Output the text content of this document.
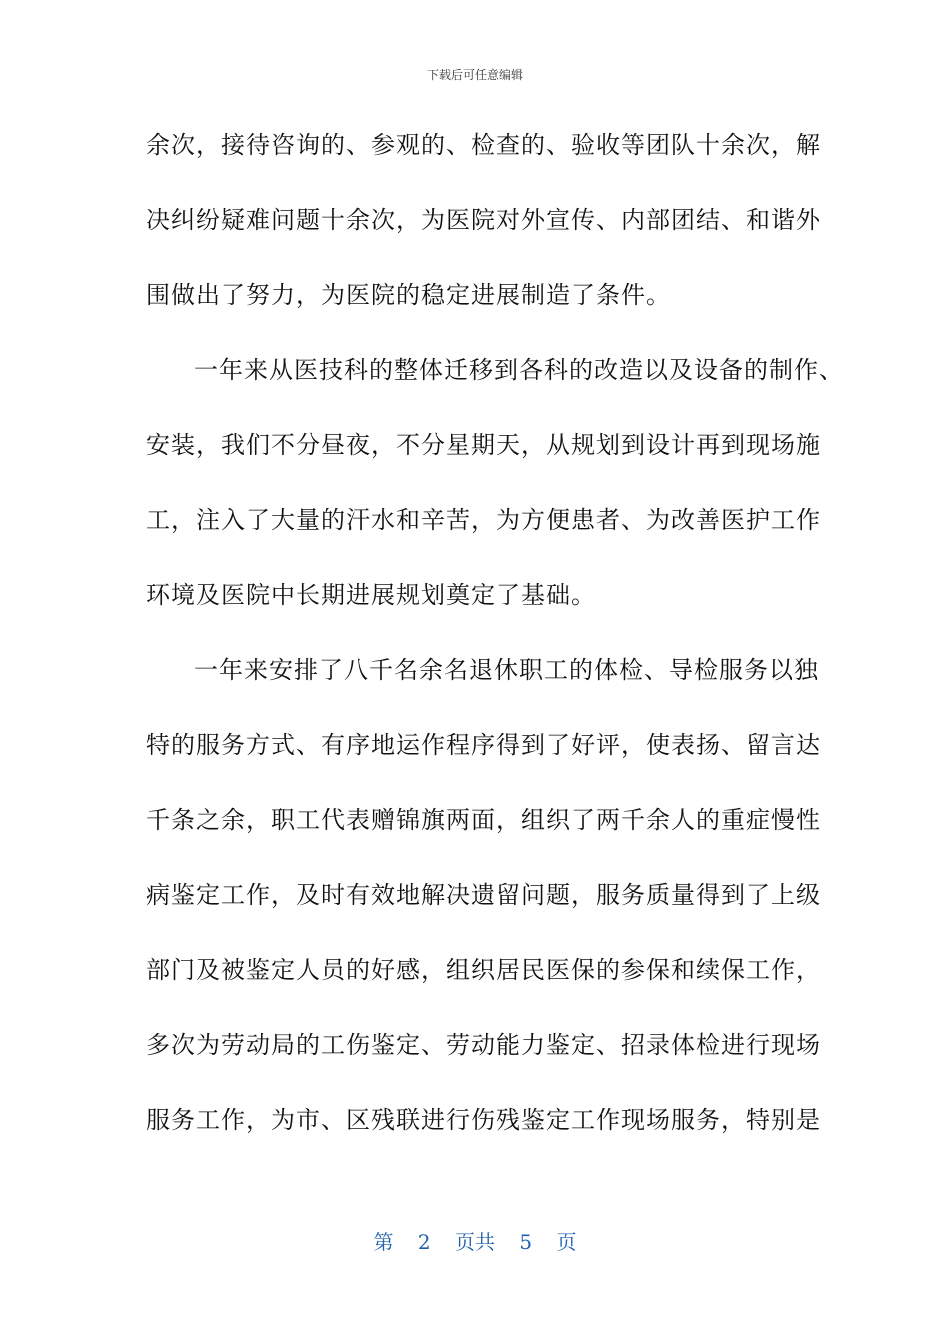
下载后可任意编辑
余次，接待咨询的、参观的、检查的、验收等团队十余次，解
决纠纷疑难问题十余次，为医院对外宣传、内部团结、和谐外
围做出了努力，为医院的稳定进展制造了条件。
一年来从医技科的整体迁移到各科的改造以及设备的制作、
安装，我们不分昼夜，不分星期天，从规划到设计再到现场施
工，注入了大量的汗水和辛苦，为方便患者、为改善医护工作
环境及医院中长期进展规划奠定了基础。
一年来安排了八千名余名退休职工的体检、导检服务以独
特的服务方式、有序地运作程序得到了好评，使表扬、留言达
千条之余，职工代表赠锦旗两面，组织了两千余人的重症慢性
病鉴定工作，及时有效地解决遗留问题，服务质量得到了上级
部门及被鉴定人员的好感，组织居民医保的参保和续保工作，
多次为劳动局的工伤鉴定、劳动能力鉴定、招录体检进行现场
服务工作，为市、区残联进行伤残鉴定工作现场服务，特别是
第 2 页共 5 页
